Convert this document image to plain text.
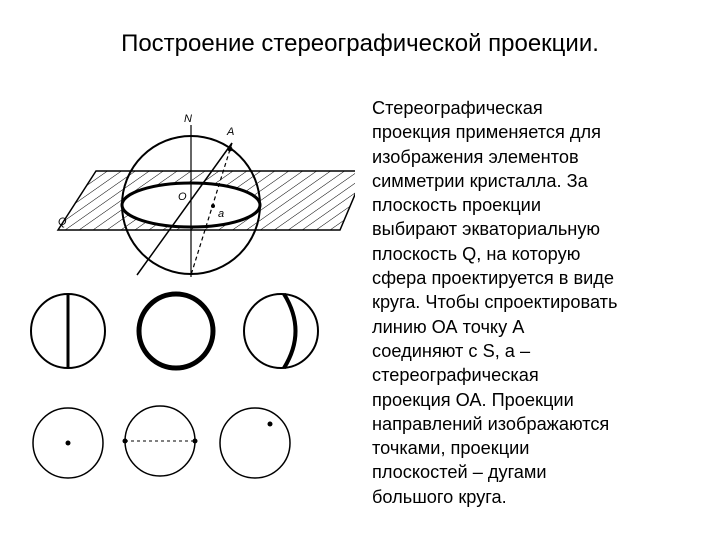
Построение стереографической проекции.
N
A
O
a
Q
Стереографическая
проекция применяется для
изображения элементов
симметрии кристалла. За
плоскость проекции
выбирают экваториальную
плоскость Q, на которую
сфера проектируется в виде
круга. Чтобы спроектировать
линию ОА точку А
соединяют с S, а –
стереографическая
проекция ОА. Проекции
направлений изображаются
точками, проекции
плоскостей – дугами
большого круга.
